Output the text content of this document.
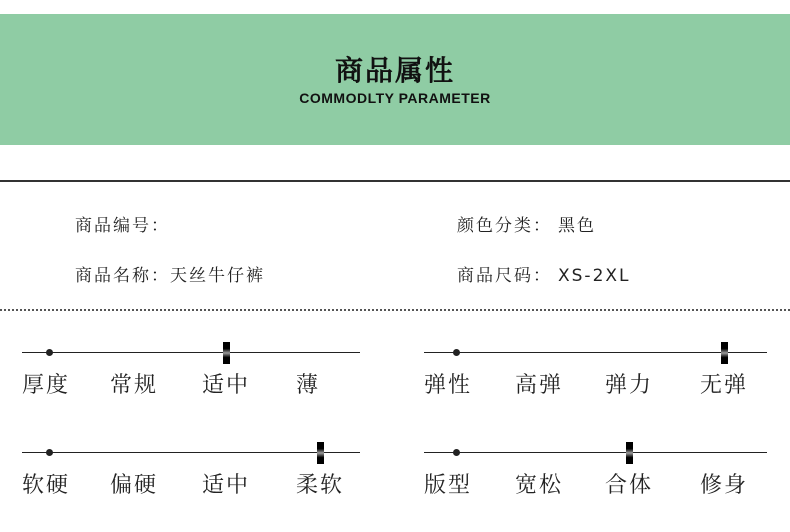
商品属性
COMMODLTY PARAMETER
商品编号：	颜色分类： 黑色
商品名称：天丝牛仔裤	商品尺码： XS-2XL
厚度 常规 适中 薄	弹性 高弹 弹力 无弹
软硬 偏硬 适中 柔软	版型 宽松 合体 修身
